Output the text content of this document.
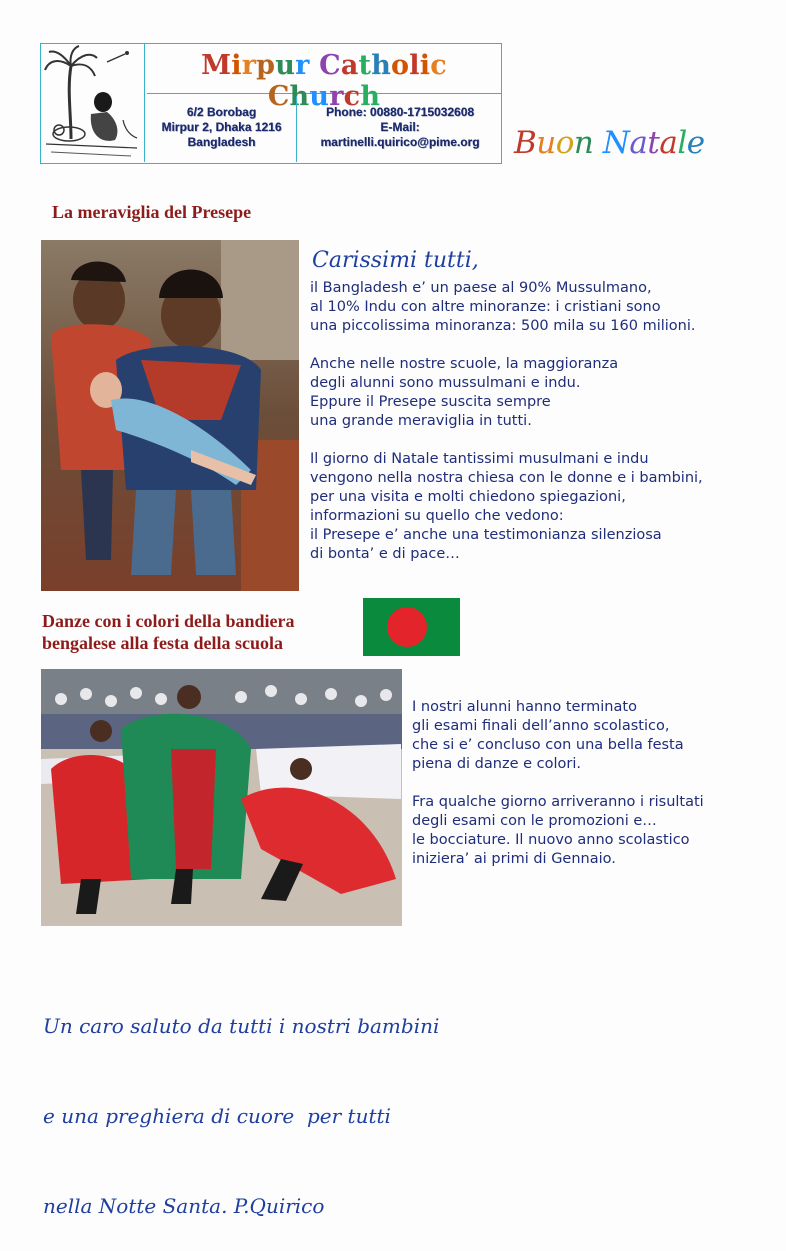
Mirpur Catholic Church
6/2 Borobag
Mirpur 2, Dhaka 1216
Bangladesh
Phone: 00880-1715032608
E-Mail:
martinelli.quirico@pime.org	Buon Natale
La meraviglia del Presepe
Carissimi tutti,
il Bangladesh e’ un paese al 90% Mussulmano,
al 10% Indu con altre minoranze: i cristiani sono
una piccolissima minoranza: 500 mila su 160 milioni.
Anche nelle nostre scuole, la maggioranza
degli alunni sono mussulmani e indu.
Eppure il Presepe suscita sempre
una grande meraviglia in tutti.
Il giorno di Natale tantissimi musulmani e indu
vengono nella nostra chiesa con le donne e i bambini,
per una visita e molti chiedono spiegazioni,
informazioni su quello che vedono:
il Presepe e’ anche una testimonianza silenziosa
di bonta’ e di pace…
Danze con i colori della bandiera
bengalese alla festa della scuola
I nostri alunni hanno terminato
gli esami finali dell’anno scolastico,
che si e’ concluso con una bella festa
piena di danze e colori.
Fra qualche giorno arriveranno i risultati
degli esami con le promozioni e…
le bocciature. Il nuovo anno scolastico
iniziera’ ai primi di Gennaio.

Un caro saluto da tutti i nostri bambini

e una preghiera di cuore  per tutti

nella Notte Santa. P.Quirico
